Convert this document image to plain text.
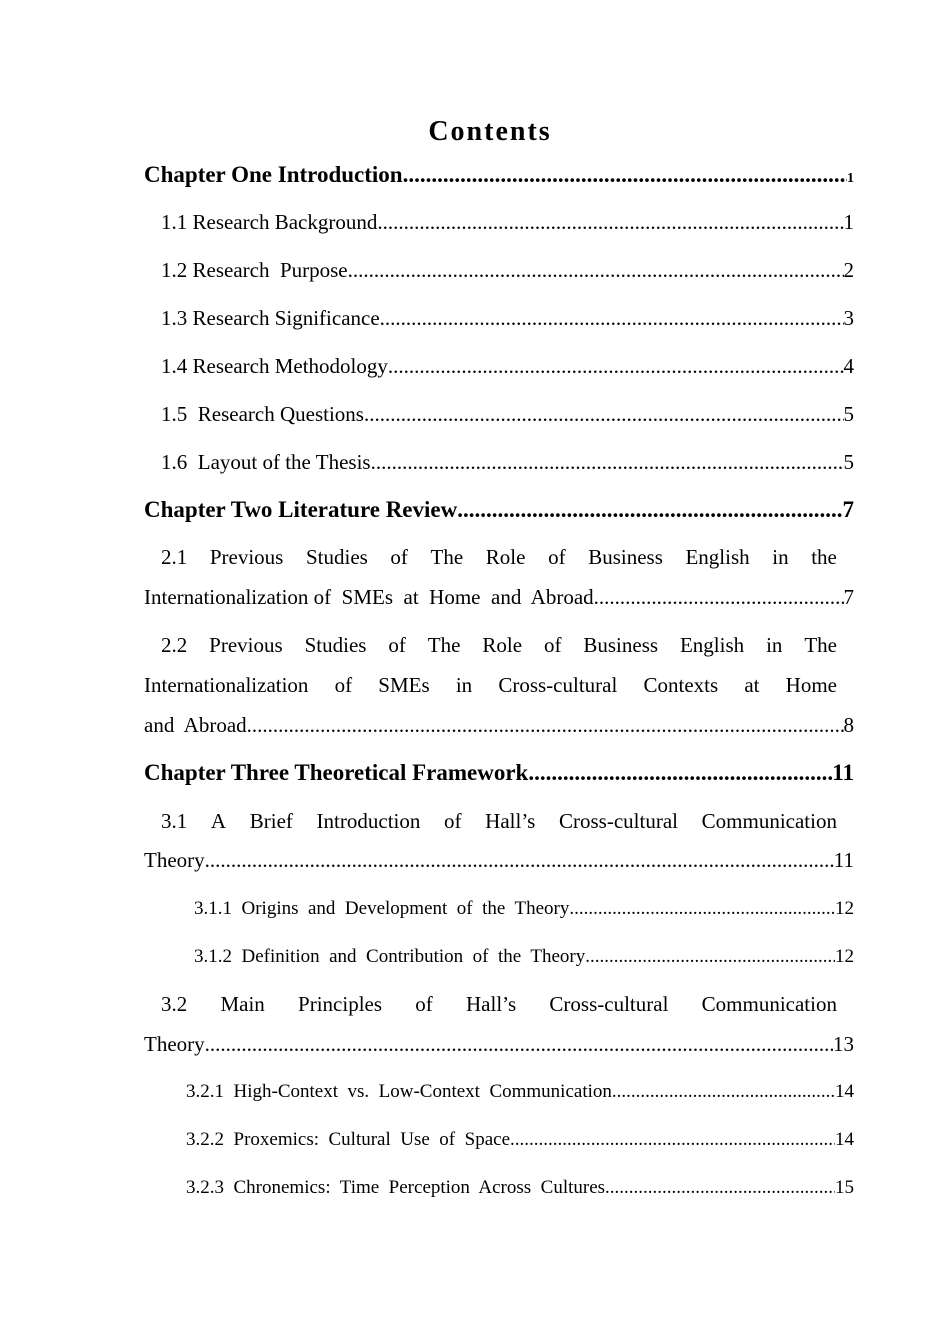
Contents
Chapter One Introduction .....	1
1.1 Research Background .....	1
1.2 Research  Purpose .....	2
1.3 Research Significance .....	3
1.4 Research Methodology .....	4
1.5  Research Questions .....	5
1.6  Layout of the Thesis .....	5
Chapter Two Literature Review .....	7
2.1 Previous Studies of The Role of Business English in the
Internationalization of  SMEs  at  Home  and  Abroad .....	7
2.2 Previous Studies of The Role of Business English in The
Internationalization of SMEs in Cross-cultural Contexts at Home
and  Abroad .....	8
Chapter Three Theoretical Framework .....	11
3.1 A Brief Introduction of Hall’s Cross-cultural Communication
Theory .....	11
3.1.1  Origins  and  Development  of  the  Theory .....	12
3.1.2  Definition  and  Contribution  of  the  Theory .....	12
3.2 Main Principles of Hall’s Cross-cultural Communication
Theory .....	13
3.2.1  High-Context  vs.  Low-Context  Communication .....	14
3.2.2  Proxemics:  Cultural  Use  of  Space .....	14
3.2.3  Chronemics:  Time  Perception  Across  Cultures .....	15
